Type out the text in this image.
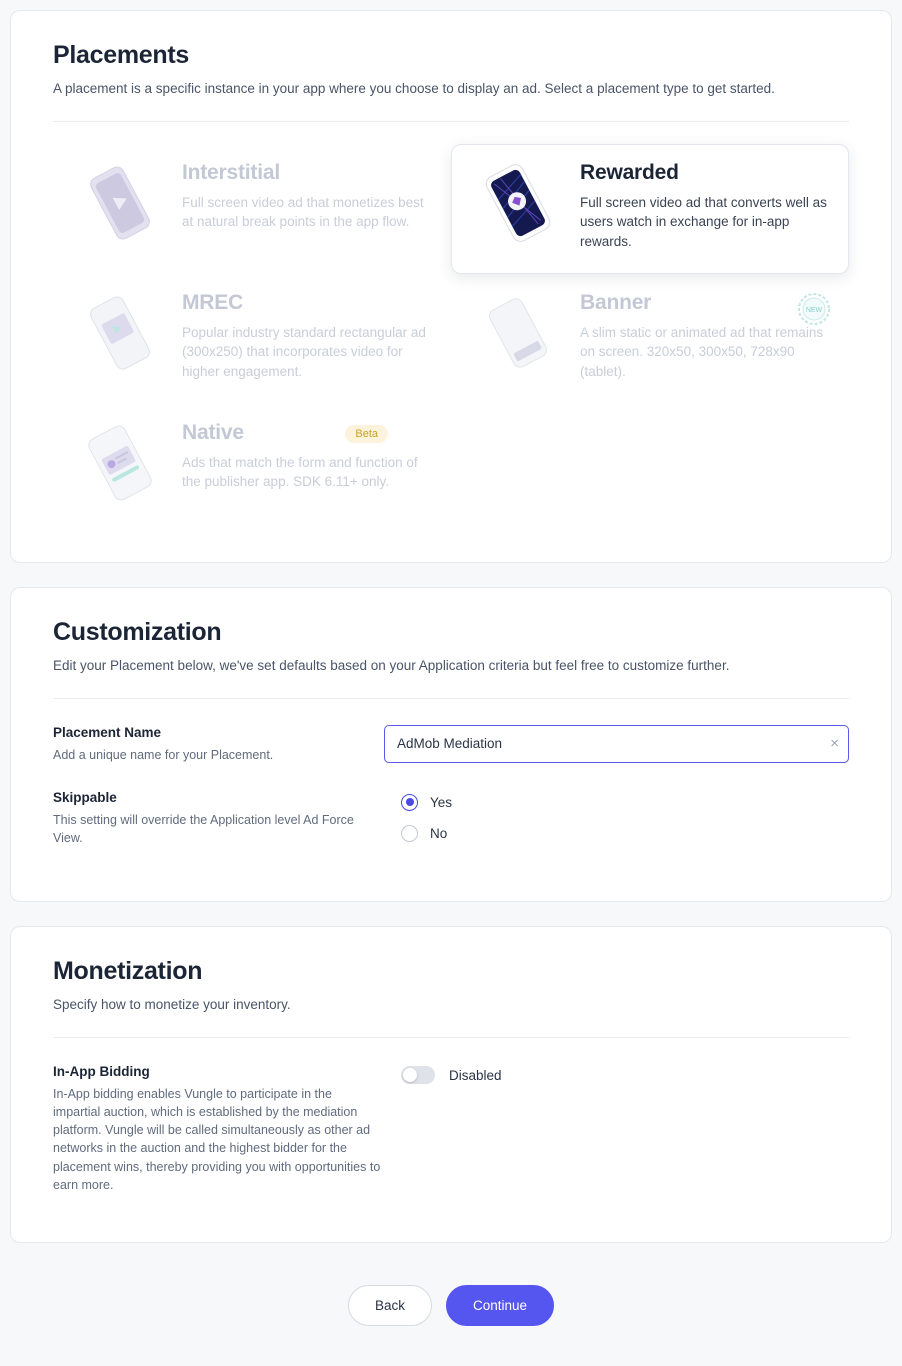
Placements

A placement is a specific instance in your app where you choose to display an ad. Select a placement type to get started.

Interstitial
Full screen video ad that monetizes best at natural break points in the app flow.
Rewarded
Full screen video ad that converts well as users watch in exchange for in-app rewards.
MREC
Popular industry standard rectangular ad (300x250) that incorporates video for higher engagement.
Banner
A slim static or animated ad that remains on screen. 320x50, 300x50, 728x90 (tablet).
NEW
Native
Ads that match the form and function of the publisher app. SDK 6.11+ only.
Beta
Customization

Edit your Placement below, we've set defaults based on your Application criteria but feel free to customize further.

Placement Name
Add a unique name for your Placement.
AdMob Mediation
×
Skippable
This setting will override the Application level Ad Force View.
Yes
No
Monetization

Specify how to monetize your inventory.

In-App Bidding
In-App bidding enables Vungle to participate in the impartial auction, which is established by the mediation platform. Vungle will be called simultaneously as other ad networks in the auction and the highest bidder for the placement wins, thereby providing you with opportunities to earn more.
Disabled
Back	Continue
